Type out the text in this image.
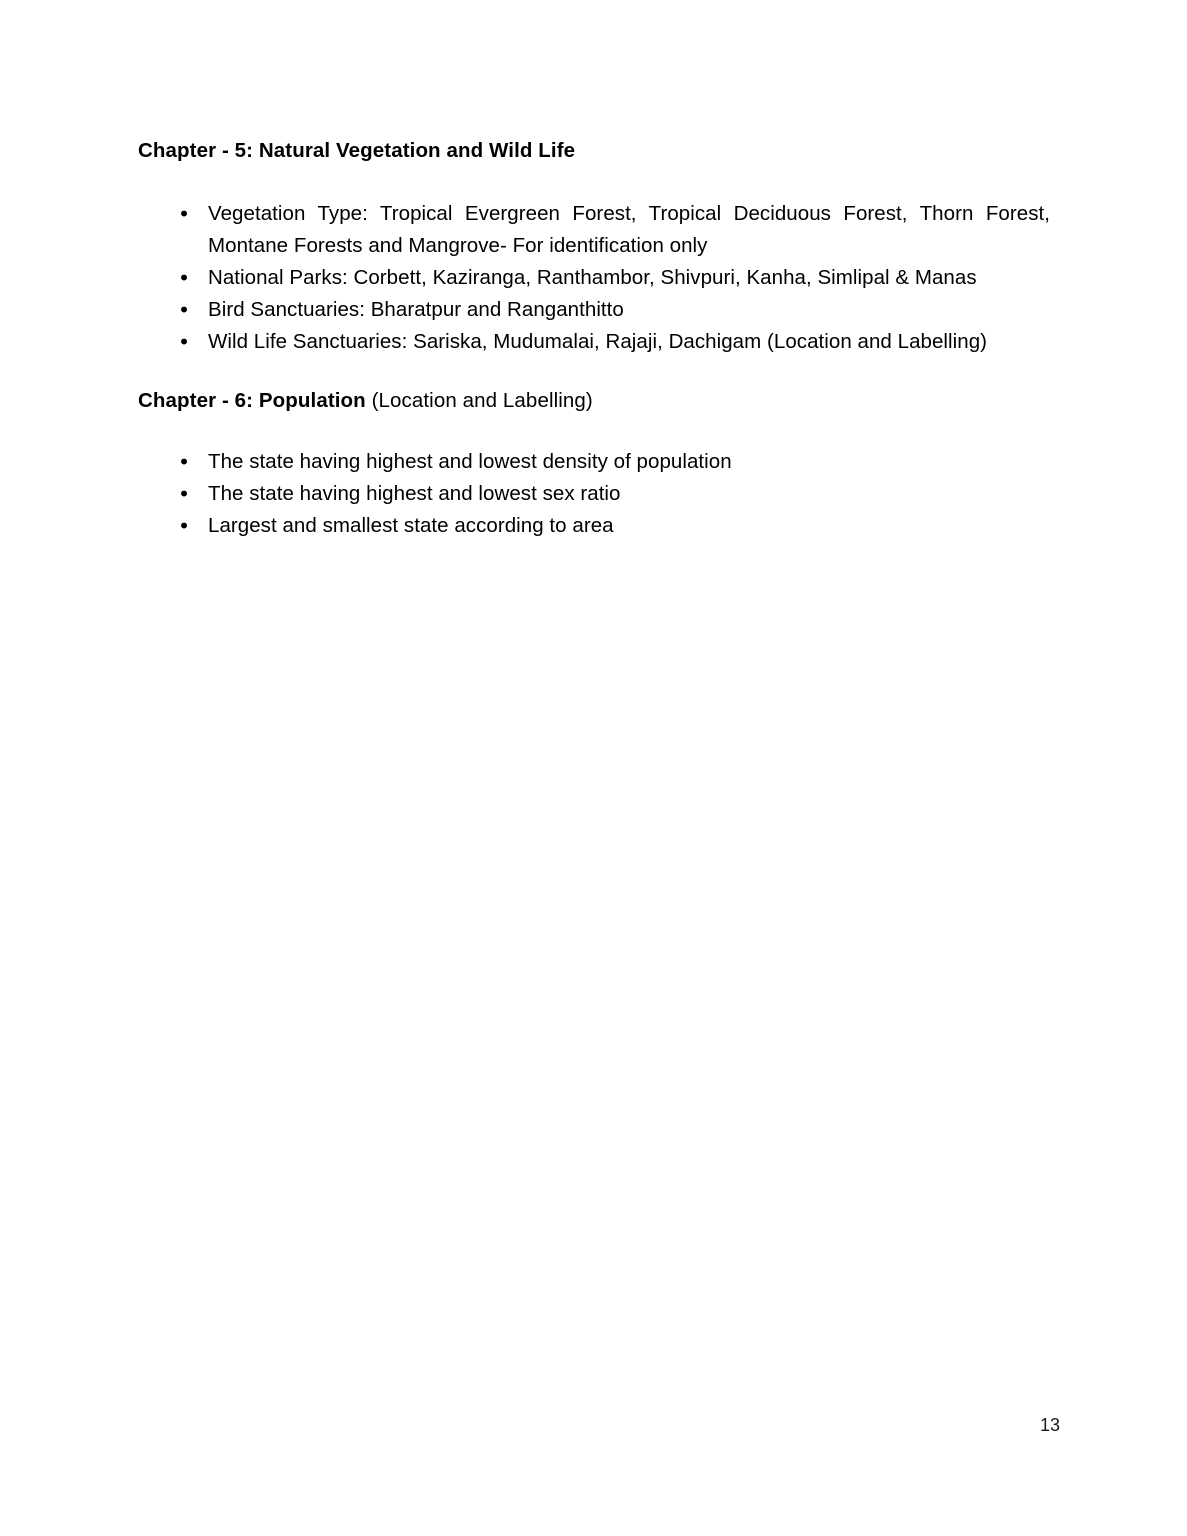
Chapter - 5: Natural Vegetation and Wild Life
• Vegetation Type: Tropical Evergreen Forest, Tropical Deciduous Forest, Thorn Forest, Montane Forests and Mangrove- For identification only
• National Parks: Corbett, Kaziranga, Ranthambor, Shivpuri, Kanha, Simlipal & Manas
• Bird Sanctuaries: Bharatpur and Ranganthitto
• Wild Life Sanctuaries: Sariska, Mudumalai, Rajaji, Dachigam (Location and Labelling)
Chapter - 6: Population (Location and Labelling)
• The state having highest and lowest density of population
• The state having highest and lowest sex ratio
• Largest and smallest state according to area
13
